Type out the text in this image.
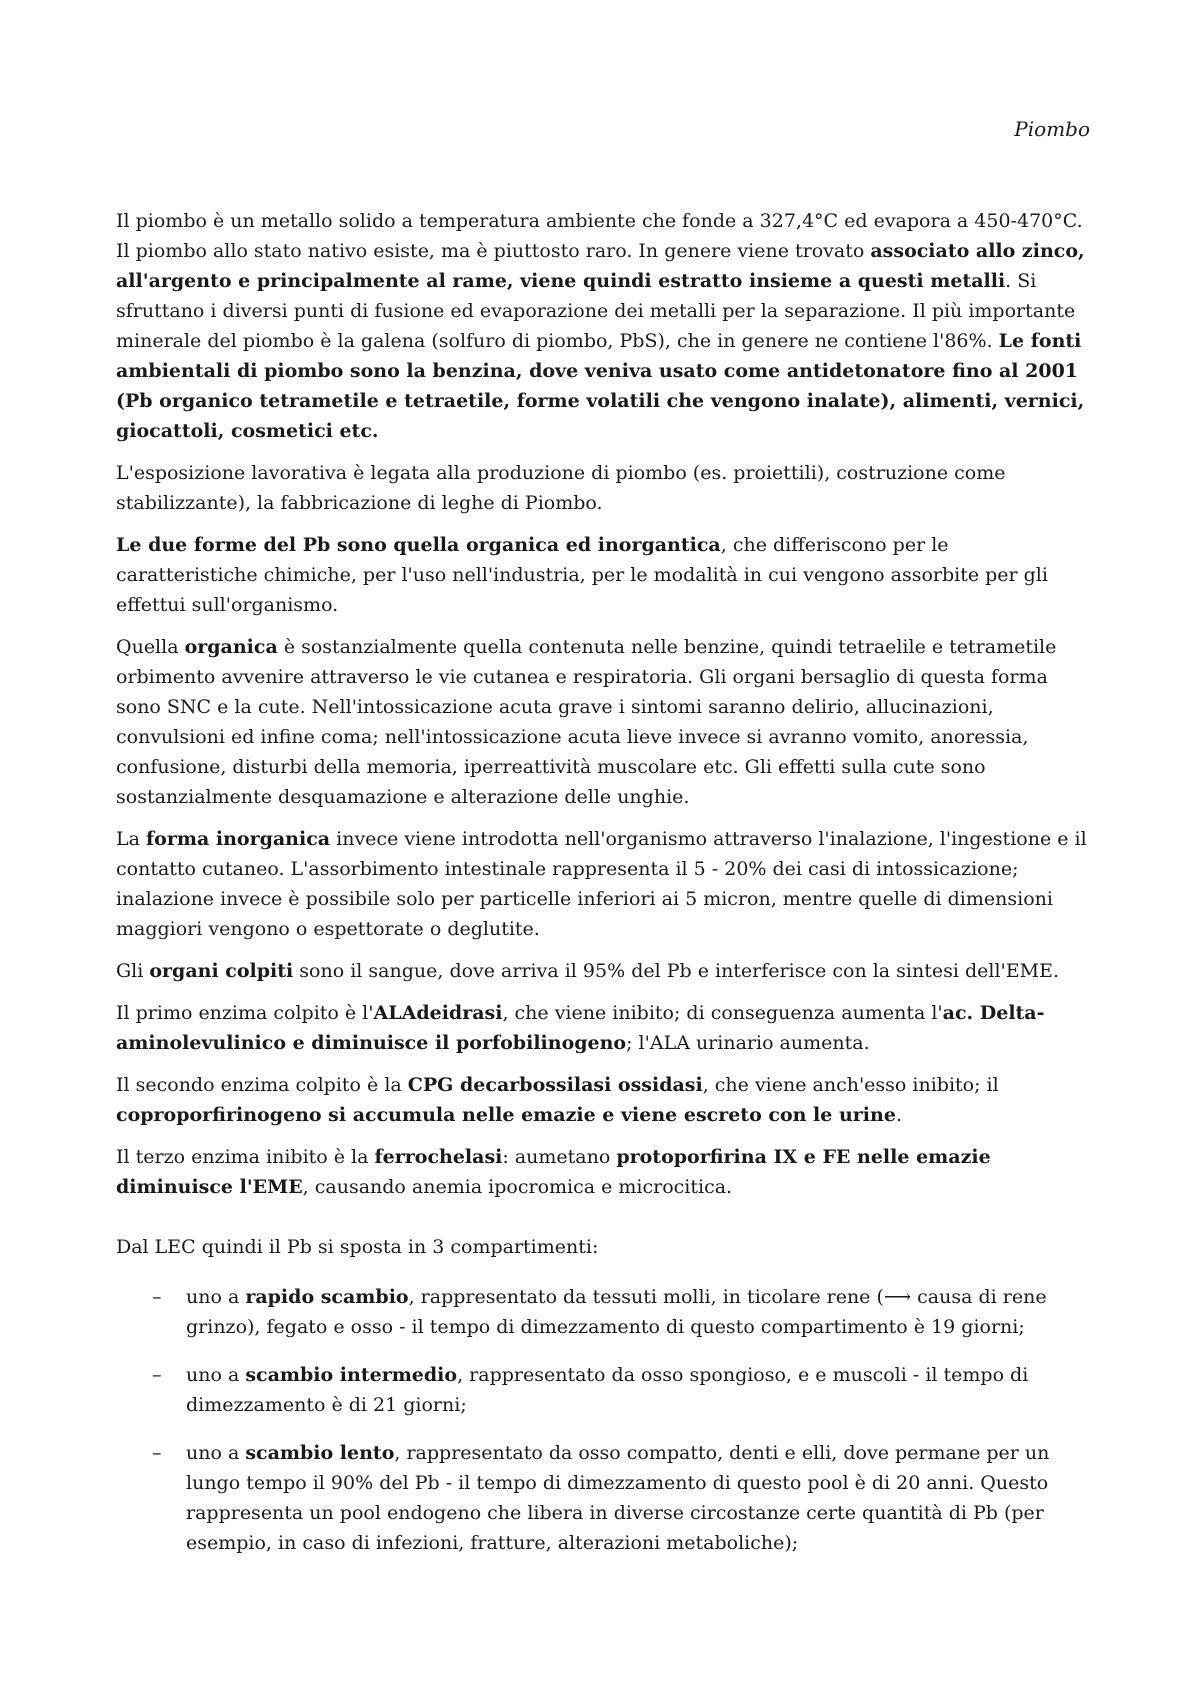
Piombo

Il piombo è un metallo solido a temperatura ambiente che fonde a 327,4°C ed evapora a 450-470°C. Il piombo allo stato nativo esiste, ma è piuttosto raro. In genere viene trovato associato allo zinco, all'argento e principalmente al rame, viene quindi estratto insieme a questi metalli. Si sfruttano i diversi punti di fusione ed evaporazione dei metalli per la separazione. Il più importante minerale del piombo è la galena (solfuro di piombo, PbS), che in genere ne contiene l'86%. Le fonti ambientali di piombo sono la benzina, dove veniva usato come antidetonatore fino al 2001 (Pb organico tetrametile e tetraetile, forme volatili che vengono inalate), alimenti, vernici, giocattoli, cosmetici etc.

L'esposizione lavorativa è legata alla produzione di piombo (es. proiettili), costruzione come stabilizzante), la fabbricazione di leghe di Piombo.

Le due forme del Pb sono quella organica ed inorgantica, che differiscono per le caratteristiche chimiche, per l'uso nell'industria, per le modalità in cui vengono assorbite per gli effettui sull'organismo.

Quella organica è sostanzialmente quella contenuta nelle benzine, quindi tetraelile e tetrametile orbimento avvenire attraverso le vie cutanea e respiratoria. Gli organi bersaglio di questa forma sono SNC e la cute. Nell'intossicazione acuta grave i sintomi saranno delirio, allucinazioni, convulsioni ed infine coma; nell'intossicazione acuta lieve invece si avranno vomito, anoressia, confusione, disturbi della memoria, iperreattività muscolare etc. Gli effetti sulla cute sono sostanzialmente desquamazione e alterazione delle unghie.

La forma inorganica invece viene introdotta nell'organismo attraverso l'inalazione, l'ingestione e il contatto cutaneo. L'assorbimento intestinale rappresenta il 5 - 20% dei casi di intossicazione; inalazione invece è possibile solo per particelle inferiori ai 5 micron, mentre quelle di dimensioni maggiori vengono o espettorate o deglutite.

Gli organi colpiti sono il sangue, dove arriva il 95% del Pb e interferisce con la sintesi dell'EME.

Il primo enzima colpito è l'ALAdeidrasi, che viene inibito; di conseguenza aumenta l'ac. Delta-aminolevulinico e diminuisce il porfobilinogeno; l'ALA urinario aumenta.

Il secondo enzima colpito è la CPG decarbossilasi ossidasi, che viene anch'esso inibito; il coproporfirinogeno si accumula nelle emazie e viene escreto con le urine.

Il terzo enzima inibito è la ferrochelasi: aumetano protoporfirina IX e FE nelle emazie diminuisce l'EME, causando anemia ipocromica e microcitica.

Dal LEC quindi il Pb si sposta in 3 compartimenti:

– uno a rapido scambio, rappresentato da tessuti molli, in ticolare rene (⟶ causa di rene grinzo), fegato e osso - il tempo di dimezzamento di questo compartimento è 19 giorni;
– uno a scambio intermedio, rappresentato da osso spongioso, e e muscoli - il tempo di dimezzamento è di 21 giorni;
– uno a scambio lento, rappresentato da osso compatto, denti e elli, dove permane per un lungo tempo il 90% del Pb - il tempo di dimezzamento di questo pool è di 20 anni. Questo rappresenta un pool endogeno che libera in diverse circostanze certe quantità di Pb (per esempio, in caso di infezioni, fratture, alterazioni metaboliche);
